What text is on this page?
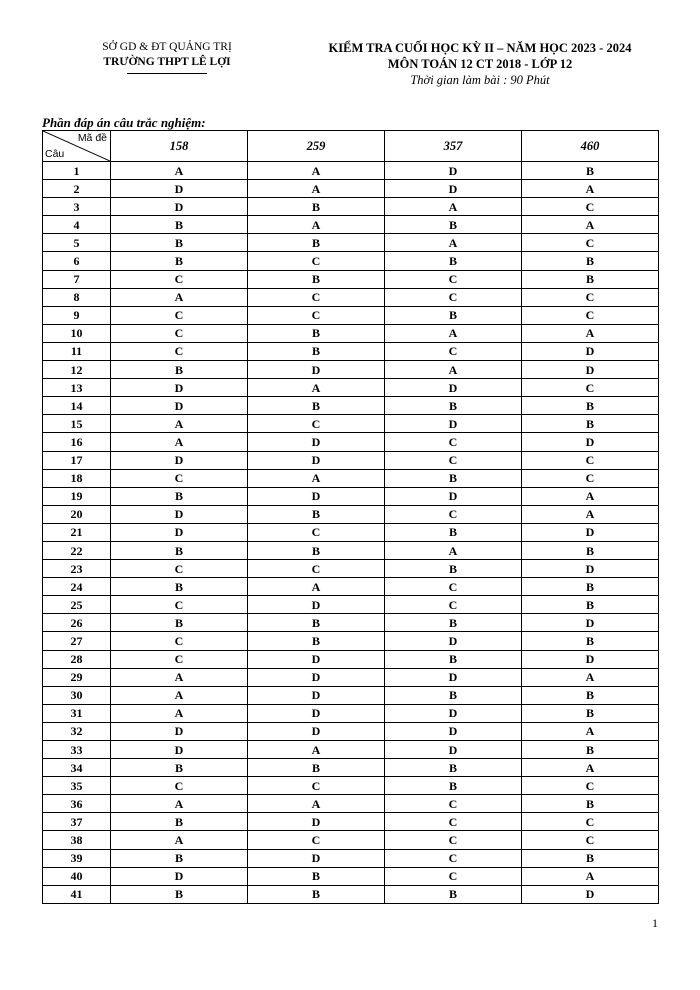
SỞ GD & ĐT QUẢNG TRỊ
TRƯỜNG THPT LÊ LỢI
KIỂM TRA CUỐI HỌC KỲ II – NĂM HỌC 2023 - 2024
MÔN TOÁN 12 CT 2018 - LỚP 12
Thời gian làm bài : 90 Phút
Phần đáp án câu trắc nghiệm:
Mã đề
Câu	158	259	357	460
1	A	A	D	B
2	D	A	D	A
3	D	B	A	C
4	B	A	B	A
5	B	B	A	C
6	B	C	B	B
7	C	B	C	B
8	A	C	C	C
9	C	C	B	C
10	C	B	A	A
11	C	B	C	D
12	B	D	A	D
13	D	A	D	C
14	D	B	B	B
15	A	C	D	B
16	A	D	C	D
17	D	D	C	C
18	C	A	B	C
19	B	D	D	A
20	D	B	C	A
21	D	C	B	D
22	B	B	A	B
23	C	C	B	D
24	B	A	C	B
25	C	D	C	B
26	B	B	B	D
27	C	B	D	B
28	C	D	B	D
29	A	D	D	A
30	A	D	B	B
31	A	D	D	B
32	D	D	D	A
33	D	A	D	B
34	B	B	B	A
35	C	C	B	C
36	A	A	C	B
37	B	D	C	C
38	A	C	C	C
39	B	D	C	B
40	D	B	C	A
41	B	B	B	D
1
